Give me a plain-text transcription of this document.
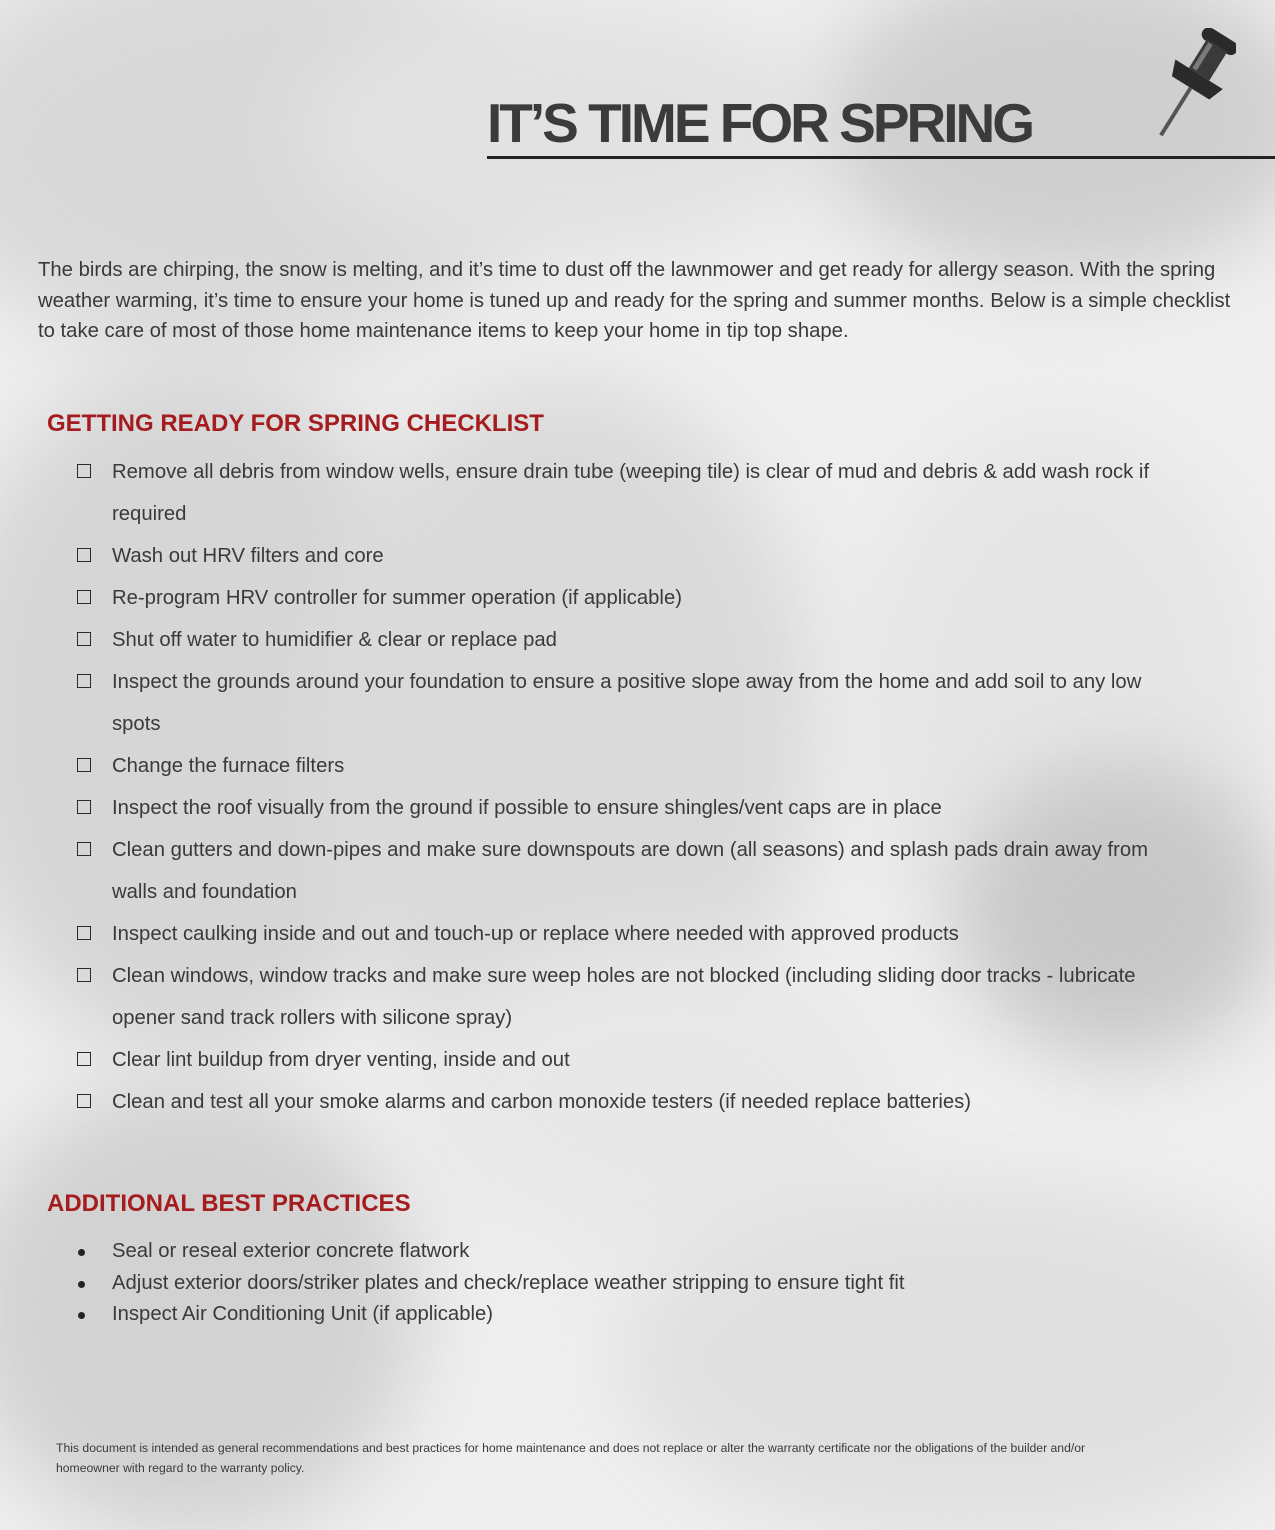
IT’S TIME FOR SPRING

The birds are chirping, the snow is melting, and it’s time to dust off the lawnmower and get ready for allergy season. With the spring weather warming, it’s time to ensure your home is tuned up and ready for the spring and summer months. Below is a simple checklist to take care of most of those home maintenance items to keep your home in tip top shape.

GETTING READY FOR SPRING CHECKLIST
Remove all debris from window wells, ensure drain tube (weeping tile) is clear of mud and debris & add wash rock if required
Wash out HRV filters and core
Re-program HRV controller for summer operation (if applicable)
Shut off water to humidifier & clear or replace pad
Inspect the grounds around your foundation to ensure a positive slope away from the home and add soil to any low spots
Change the furnace filters
Inspect the roof visually from the ground if possible to ensure shingles/vent caps are in place
Clean gutters and down-pipes and make sure downspouts are down (all seasons) and splash pads drain away from walls and foundation
Inspect caulking inside and out and touch-up or replace where needed with approved products
Clean windows, window tracks and make sure weep holes are not blocked (including sliding door tracks - lubricate opener sand track rollers with silicone spray)
Clear lint buildup from dryer venting, inside and out
Clean and test all your smoke alarms and carbon monoxide testers (if needed replace batteries)
ADDITIONAL BEST PRACTICES
Seal or reseal exterior concrete flatwork
Adjust exterior doors/striker plates and check/replace weather stripping to ensure tight fit
Inspect Air Conditioning Unit (if applicable)

This document is intended as general recommendations and best practices for home maintenance and does not replace or alter the warranty certificate nor the obligations of the builder and/or homeowner with regard to the warranty policy.
